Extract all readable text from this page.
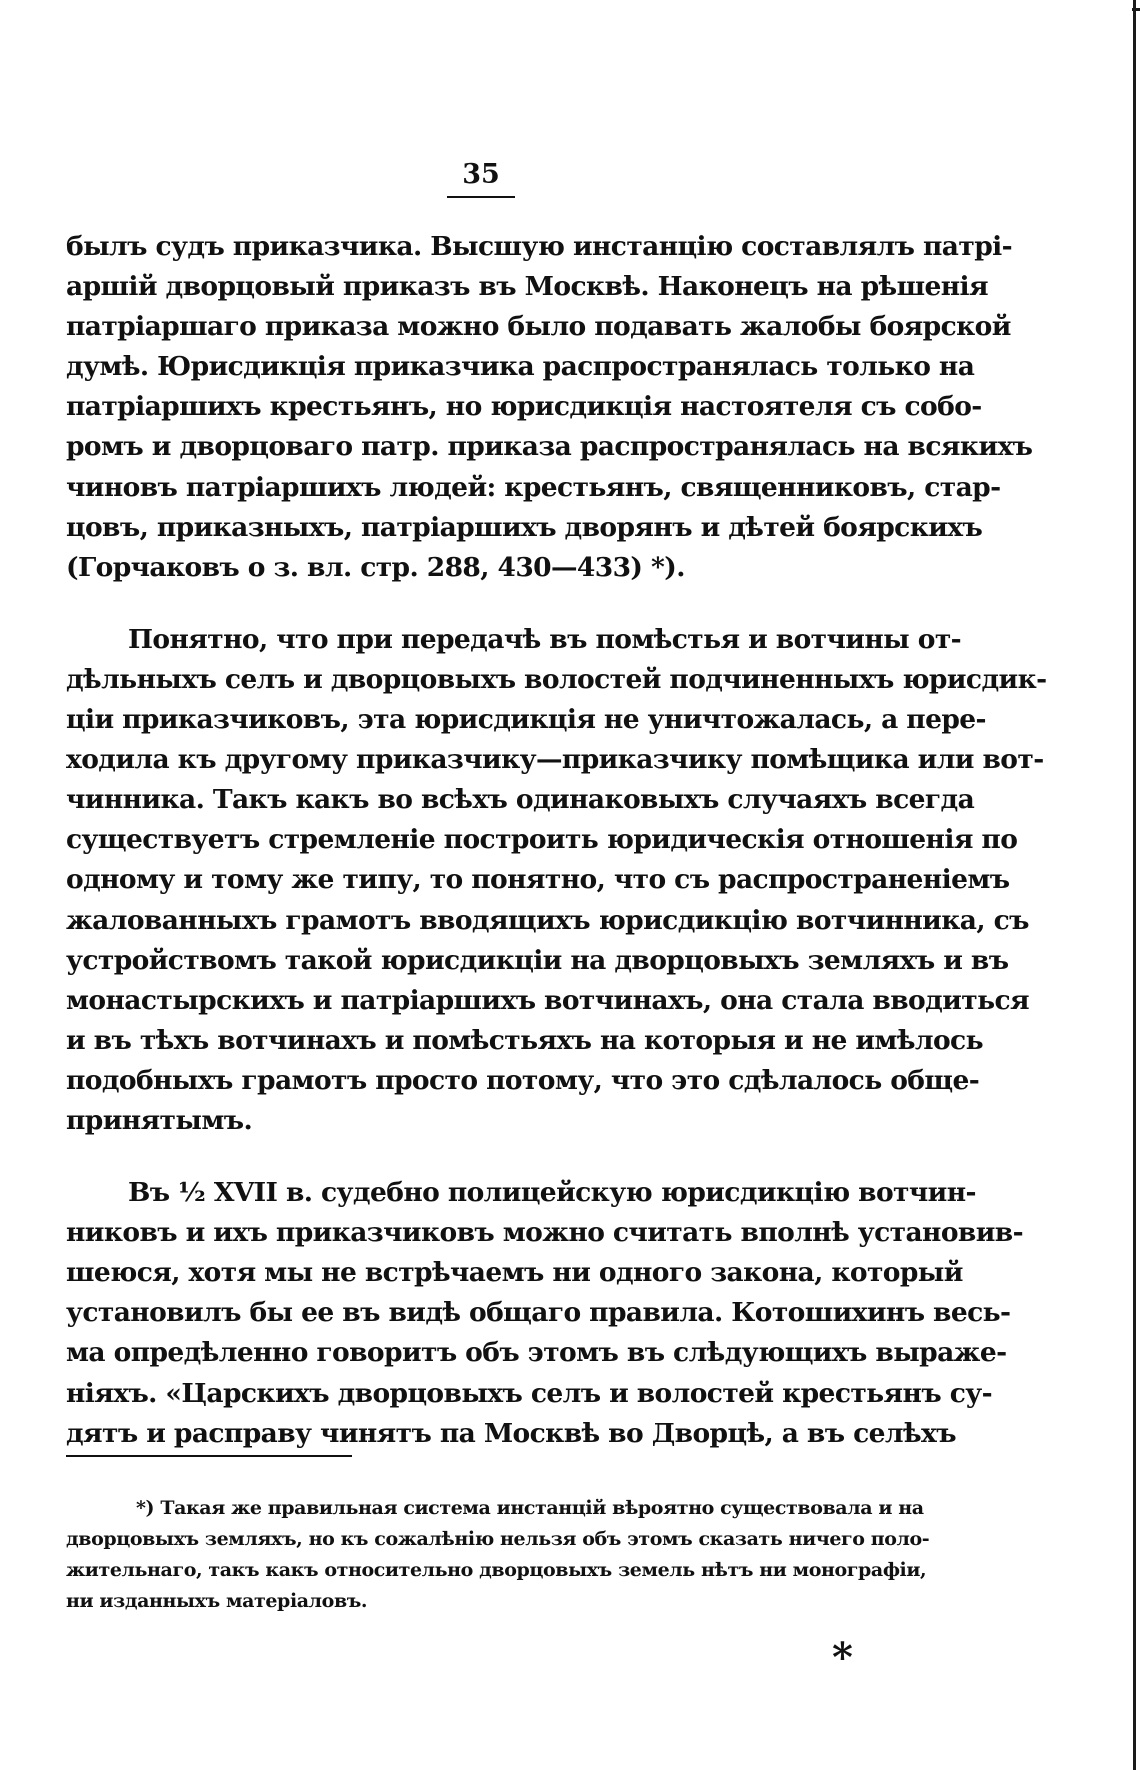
35
былъ судъ приказчика. Высшую инстанцію составлялъ патрі-
аршій дворцовый приказъ въ Москвѣ. Наконецъ на рѣшенія
патріаршаго приказа можно было подавать жалобы боярской
думѣ. Юрисдикція приказчика распространялась только на
патріаршихъ крестьянъ, но юрисдикція настоятеля съ собо-
ромъ и дворцоваго патр. приказа распространялась на всякихъ
чиновъ патріаршихъ людей: крестьянъ, священниковъ, стар-
цовъ, приказныхъ, патріаршихъ дворянъ и дѣтей боярскихъ
(Горчаковъ о з. вл. стр. 288, 430—433) *).
Понятно, что при передачѣ въ помѣстья и вотчины от-
дѣльныхъ селъ и дворцовыхъ волостей подчиненныхъ юрисдик-
ціи приказчиковъ, эта юрисдикція не уничтожалась, а пере-
ходила къ другому приказчику—приказчику помѣщика или вот-
чинника. Такъ какъ во всѣхъ одинаковыхъ случаяхъ всегда
существуетъ стремленіе построить юридическія отношенія по
одному и тому же типу, то понятно, что съ распространеніемъ
жалованныхъ грамотъ вводящихъ юрисдикцію вотчинника, съ
устройствомъ такой юрисдикціи на дворцовыхъ земляхъ и въ
монастырскихъ и патріаршихъ вотчинахъ, она стала вводиться
и въ тѣхъ вотчинахъ и помѣстьяхъ на которыя и не имѣлось
подобныхъ грамотъ просто потому, что это сдѣлалось обще-
принятымъ.
Въ ½ XVII в. судебно полицейскую юрисдикцію вотчин-
никовъ и ихъ приказчиковъ можно считать вполнѣ установив-
шеюся, хотя мы не встрѣчаемъ ни одного закона, который
установилъ бы ее въ видѣ общаго правила. Котошихинъ весь-
ма опредѣленно говоритъ объ этомъ въ слѣдующихъ выраже-
ніяхъ. «Царскихъ дворцовыхъ селъ и волостей крестьянъ су-
дятъ и расправу чинятъ па Москвѣ во Дворцѣ, а въ селѣхъ
*) Такая же правильная система инстанцій вѣроятно существовала и на
дворцовыхъ земляхъ, но къ сожалѣнію нельзя объ этомъ сказать ничего поло-
жительнаго, такъ какъ относительно дворцовыхъ земель нѣтъ ни монографіи,
ни изданныхъ матеріаловъ.
*
